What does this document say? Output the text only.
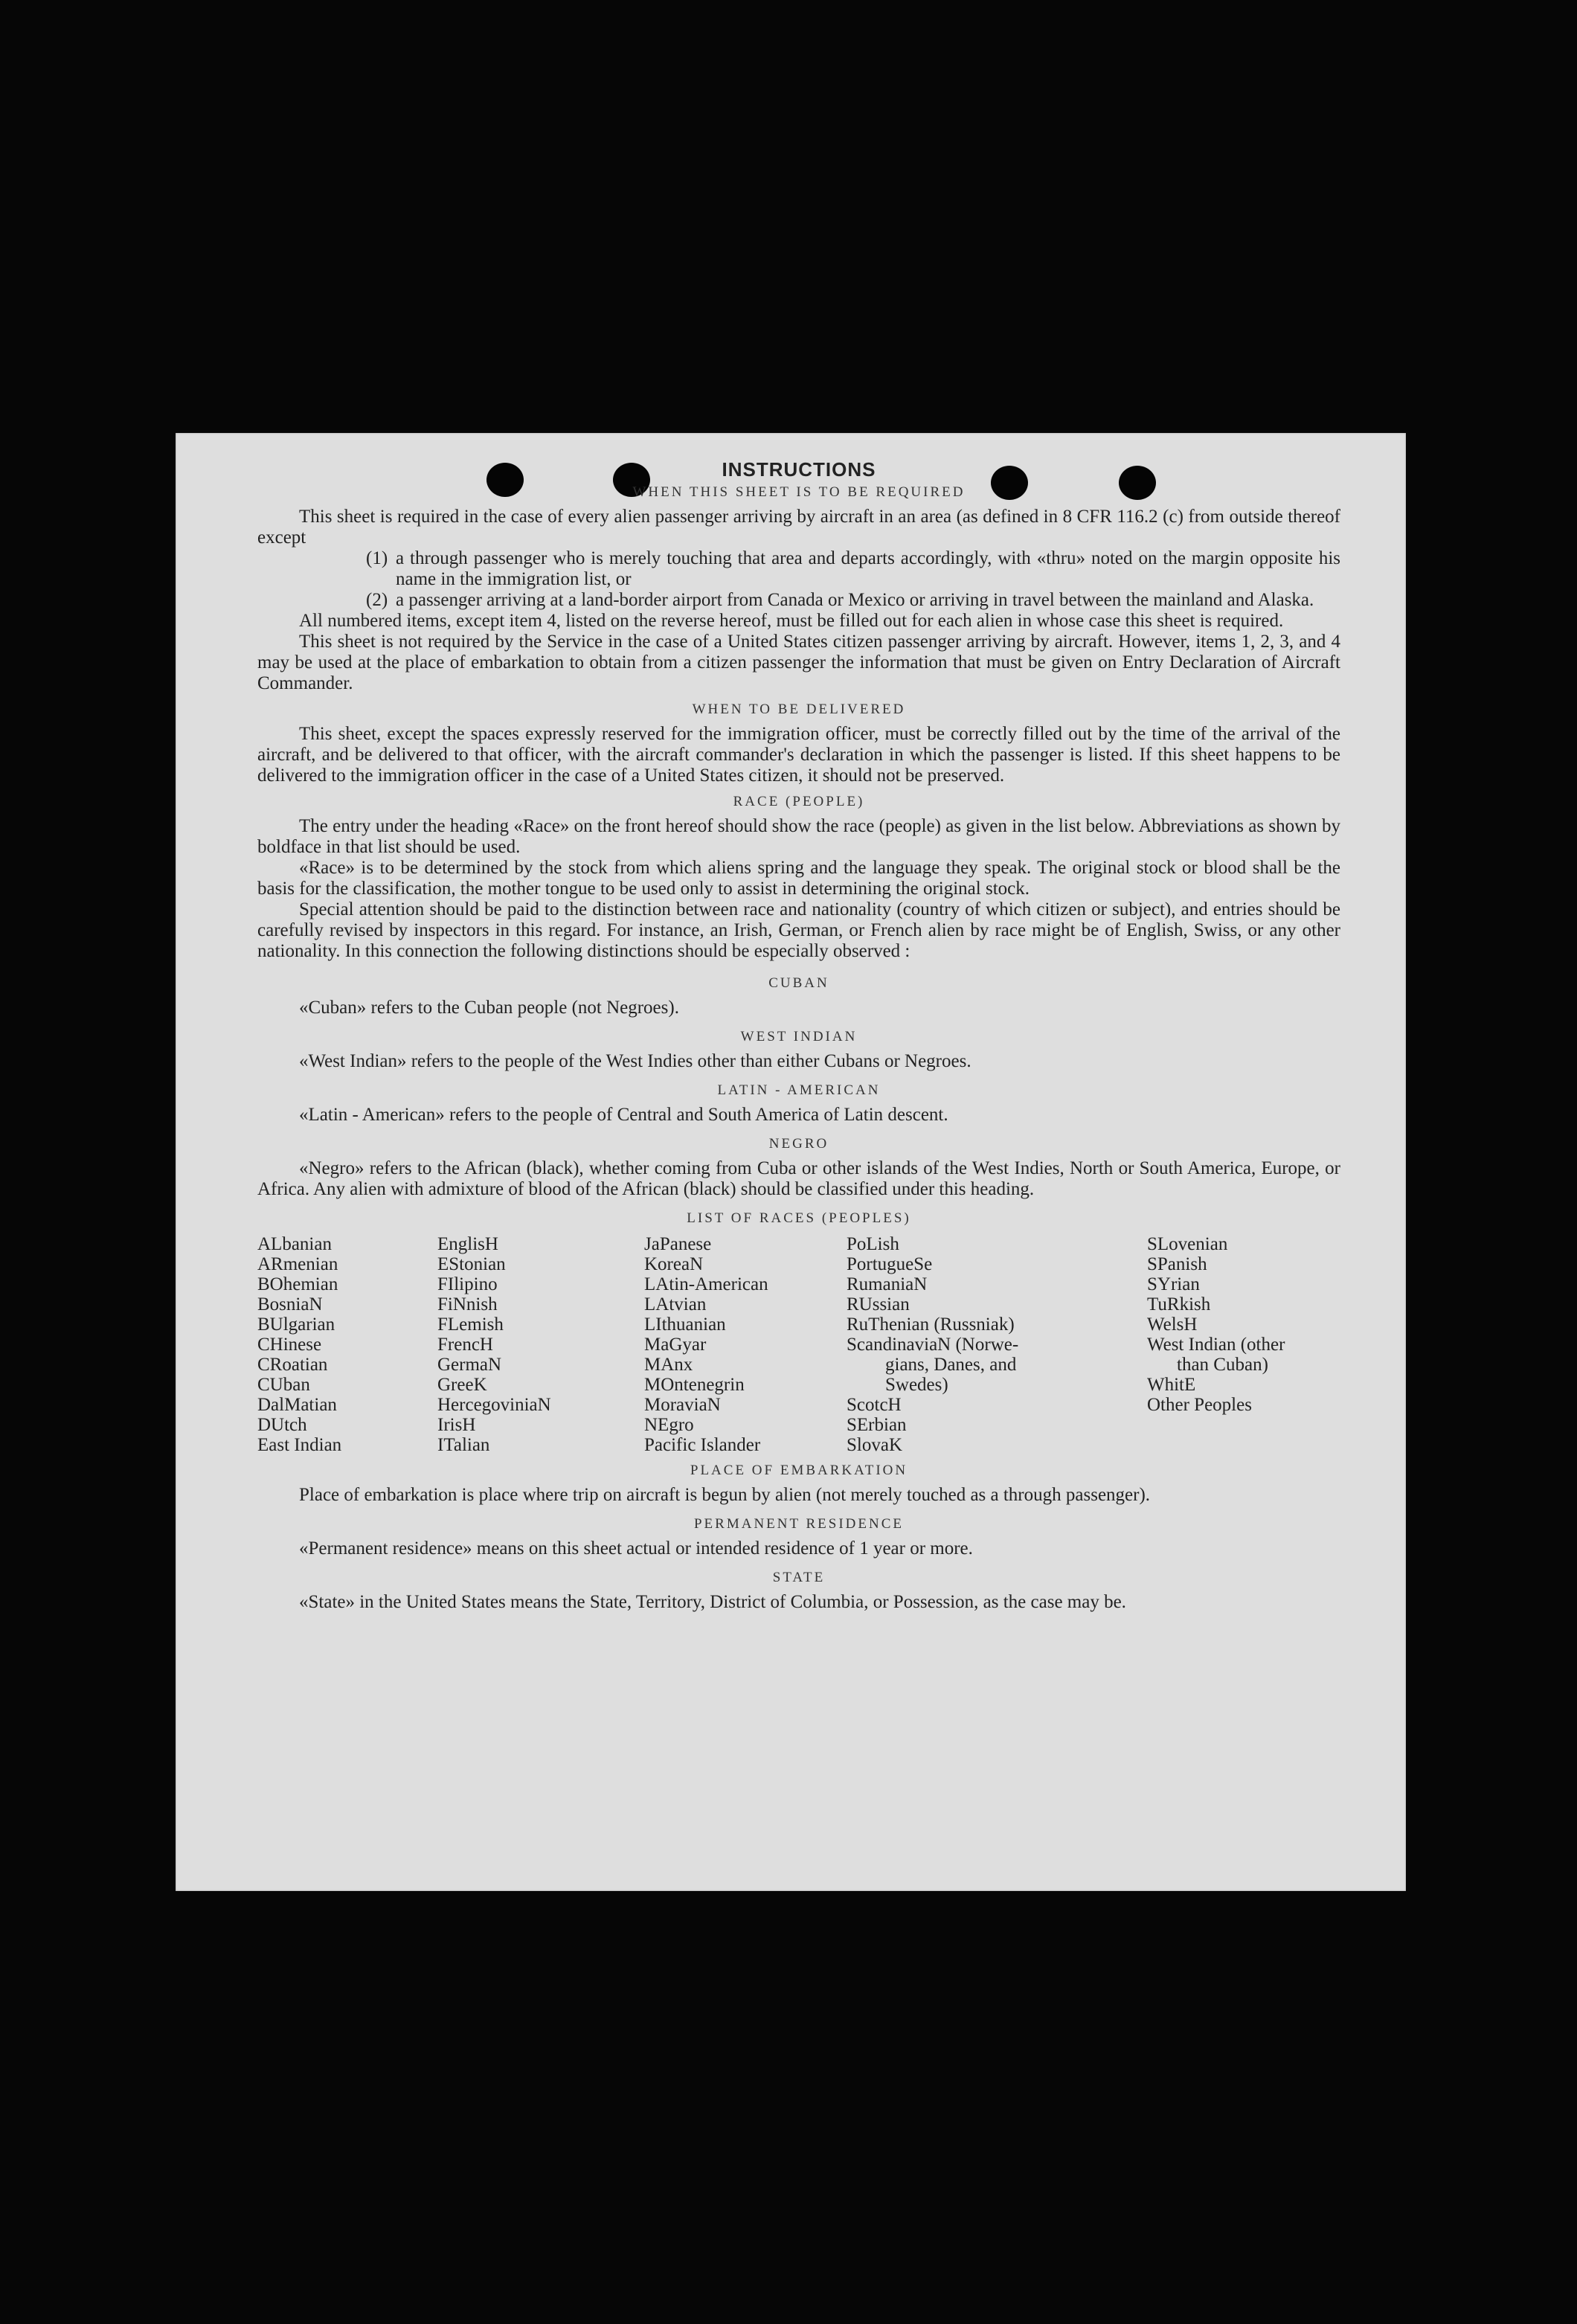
INSTRUCTIONS
WHEN THIS SHEET IS TO BE REQUIRED

This sheet is required in the case of every alien passenger arriving by aircraft in an area (as defined in 8 CFR 116.2 (c) from outside thereof except

(1) a through passenger who is merely touching that area and departs accordingly, with «thru» noted on the margin opposite his name in the immigration list, or
(2) a passenger arriving at a land-border airport from Canada or Mexico or arriving in travel between the mainland and Alaska.

All numbered items, except item 4, listed on the reverse hereof, must be filled out for each alien in whose case this sheet is required.

This sheet is not required by the Service in the case of a United States citizen passenger arriving by aircraft. However, items 1, 2, 3, and 4 may be used at the place of embarkation to obtain from a citizen passenger the information that must be given on Entry Declaration of Aircraft Commander.

WHEN TO BE DELIVERED

This sheet, except the spaces expressly reserved for the immigration officer, must be correctly filled out by the time of the arrival of the aircraft, and be delivered to that officer, with the aircraft commander's declaration in which the passenger is listed. If this sheet happens to be delivered to the immigration officer in the case of a United States citizen, it should not be preserved.

RACE (PEOPLE)

The entry under the heading «Race» on the front hereof should show the race (people) as given in the list below. Abbreviations as shown by boldface in that list should be used.

«Race» is to be determined by the stock from which aliens spring and the language they speak. The original stock or blood shall be the basis for the classification, the mother tongue to be used only to assist in determining the original stock.

Special attention should be paid to the distinction between race and nationality (country of which citizen or subject), and entries should be carefully revised by inspectors in this regard. For instance, an Irish, German, or French alien by race might be of English, Swiss, or any other nationality. In this connection the following distinctions should be especially observed :

CUBAN

«Cuban» refers to the Cuban people (not Negroes).

WEST INDIAN

«West Indian» refers to the people of the West Indies other than either Cubans or Negroes.

LATIN - AMERICAN

«Latin - American» refers to the people of Central and South America of Latin descent.

NEGRO

«Negro» refers to the African (black), whether coming from Cuba or other islands of the West Indies, North or South America, Europe, or Africa. Any alien with admixture of blood of the African (black) should be classified under this heading.

LIST OF RACES (PEOPLES)
ALbanian
ARmenian
BOhemian
BosniaN
BUlgarian
CHinese
CRoatian
CUban
DalMatian
DUtch
East Indian
EnglisH
EStonian
FIlipino
FiNnish
FLemish
FrencH
GermaN
GreeK
HercegoviniaN
IrisH
ITalian
JaPanese
KoreaN
LAtin-American
LAtvian
LIthuanian
MaGyar
MAnx
MOntenegrin
MoraviaN
NEgro
Pacific Islander
PoLish
PortugueSe
RumaniaN
RUssian
RuThenian (Russniak)
ScandinaviaN (Norwe-
gians, Danes, and
Swedes)
ScotcH
SErbian
SlovaK
SLovenian
SPanish
SYrian
TuRkish
WelsH
West Indian (other
than Cuban)
WhitE
Other Peoples
PLACE OF EMBARKATION

Place of embarkation is place where trip on aircraft is begun by alien (not merely touched as a through passenger).

PERMANENT RESIDENCE

«Permanent residence» means on this sheet actual or intended residence of 1 year or more.

STATE

«State» in the United States means the State, Territory, District of Columbia, or Possession, as the case may be.
